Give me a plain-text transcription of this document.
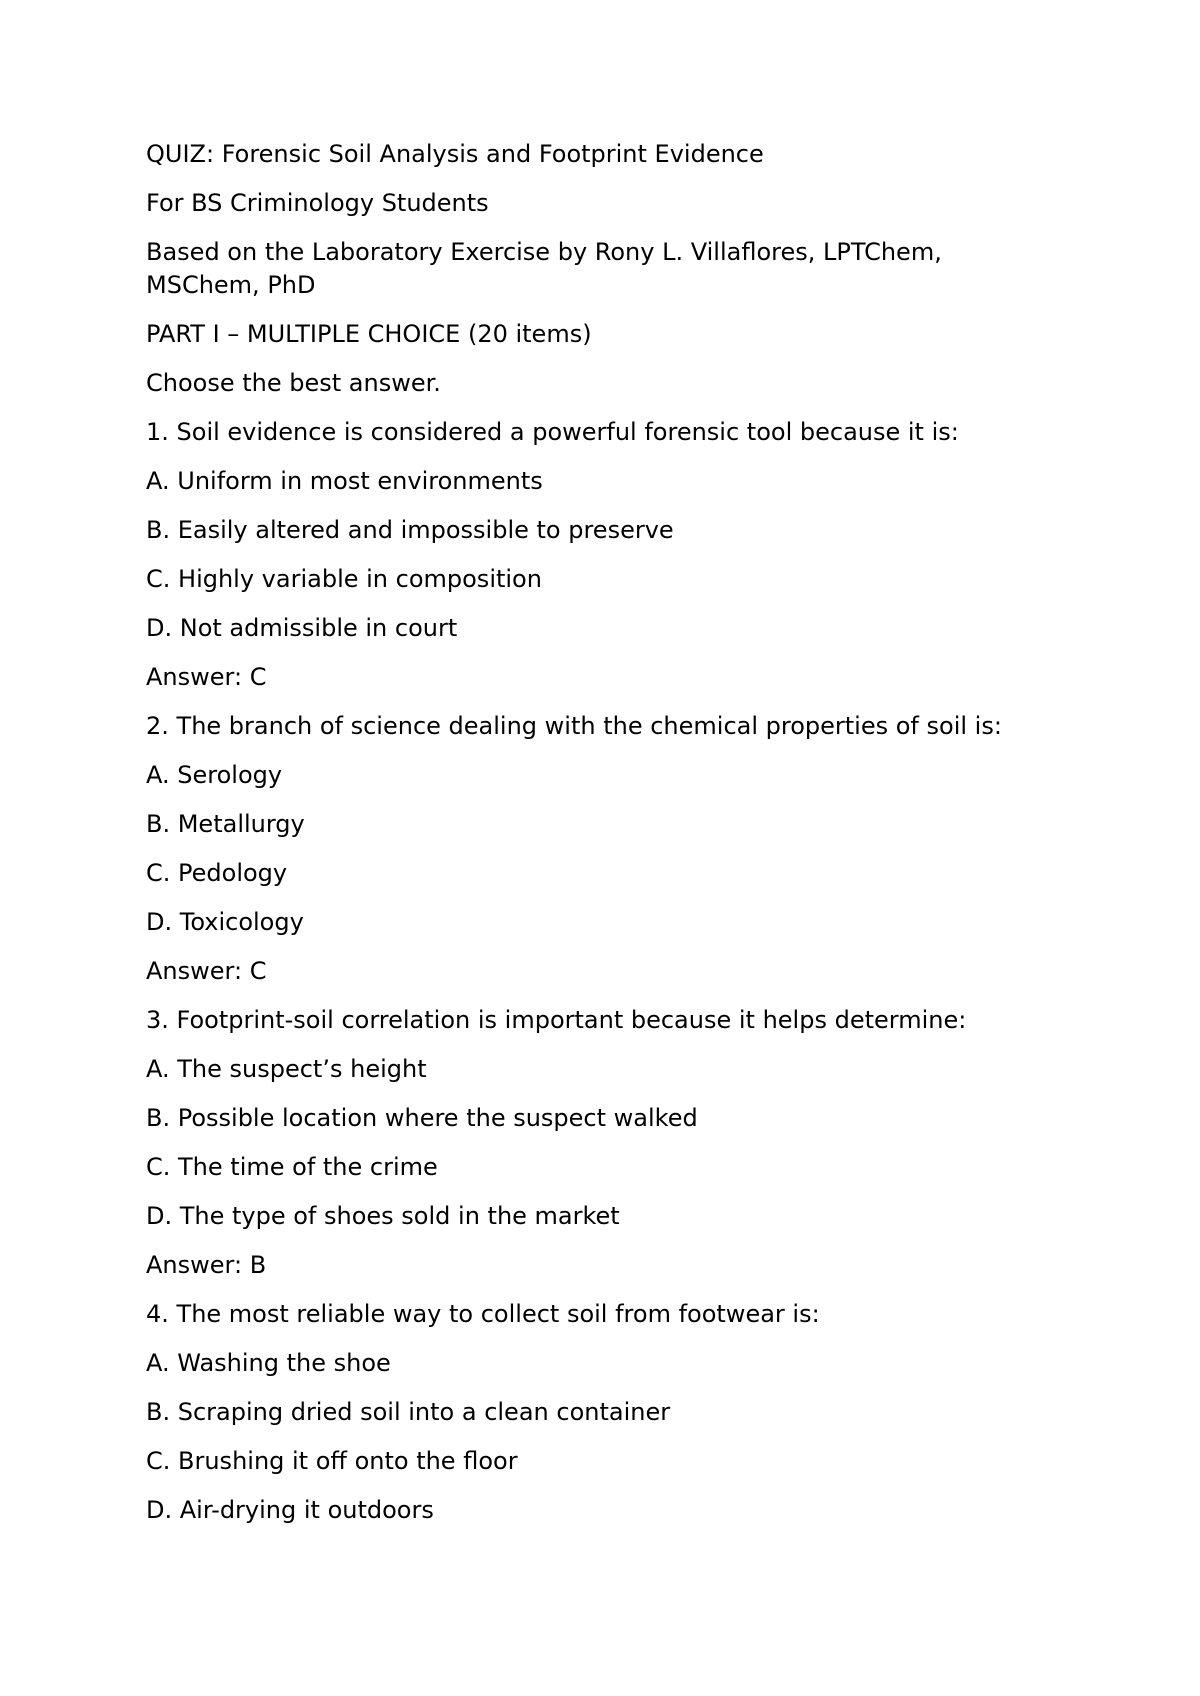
QUIZ: Forensic Soil Analysis and Footprint Evidence

For BS Criminology Students

Based on the Laboratory Exercise by Rony L. Villaflores, LPTChem, MSChem, PhD

PART I – MULTIPLE CHOICE (20 items)

Choose the best answer.

1. Soil evidence is considered a powerful forensic tool because it is:

A. Uniform in most environments

B. Easily altered and impossible to preserve

C. Highly variable in composition

D. Not admissible in court

Answer: C

2. The branch of science dealing with the chemical properties of soil is:

A. Serology

B. Metallurgy

C. Pedology

D. Toxicology

Answer: C

3. Footprint-soil correlation is important because it helps determine:

A. The suspect’s height

B. Possible location where the suspect walked

C. The time of the crime

D. The type of shoes sold in the market

Answer: B

4. The most reliable way to collect soil from footwear is:

A. Washing the shoe

B. Scraping dried soil into a clean container

C. Brushing it off onto the floor

D. Air-drying it outdoors
